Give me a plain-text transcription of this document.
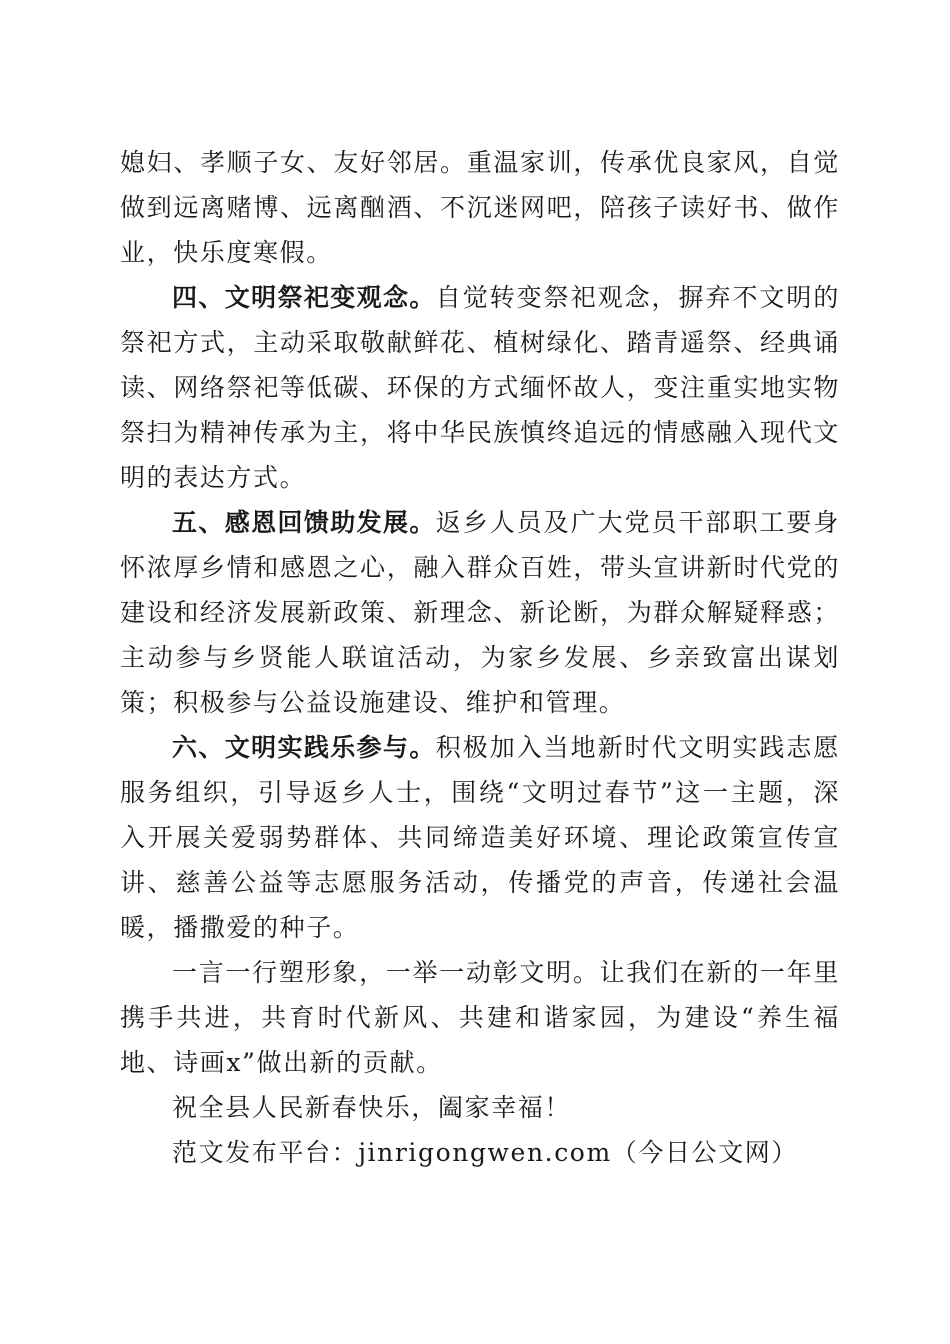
媳妇、孝顺子女、友好邻居。重温家训，传承优良家风，自觉做到远离赌博、远离酗酒、不沉迷网吧，陪孩子读好书、做作业，快乐度寒假。

四、文明祭祀变观念。自觉转变祭祀观念，摒弃不文明的祭祀方式，主动采取敬献鲜花、植树绿化、踏青遥祭、经典诵读、网络祭祀等低碳、环保的方式缅怀故人，变注重实地实物祭扫为精神传承为主，将中华民族慎终追远的情感融入现代文明的表达方式。

五、感恩回馈助发展。返乡人员及广大党员干部职工要身怀浓厚乡情和感恩之心，融入群众百姓，带头宣讲新时代党的建设和经济发展新政策、新理念、新论断，为群众解疑释惑；主动参与乡贤能人联谊活动，为家乡发展、乡亲致富出谋划策；积极参与公益设施建设、维护和管理。

六、文明实践乐参与。积极加入当地新时代文明实践志愿服务组织，引导返乡人士，围绕“文明过春节”这一主题，深入开展关爱弱势群体、共同缔造美好环境、理论政策宣传宣讲、慈善公益等志愿服务活动，传播党的声音，传递社会温暖，播撒爱的种子。

一言一行塑形象，一举一动彰文明。让我们在新的一年里携手共进，共育时代新风、共建和谐家园，为建设“养生福地、诗画x”做出新的贡献。

祝全县人民新春快乐，阖家幸福！

范文发布平台：jinrigongwen.com（今日公文网）
